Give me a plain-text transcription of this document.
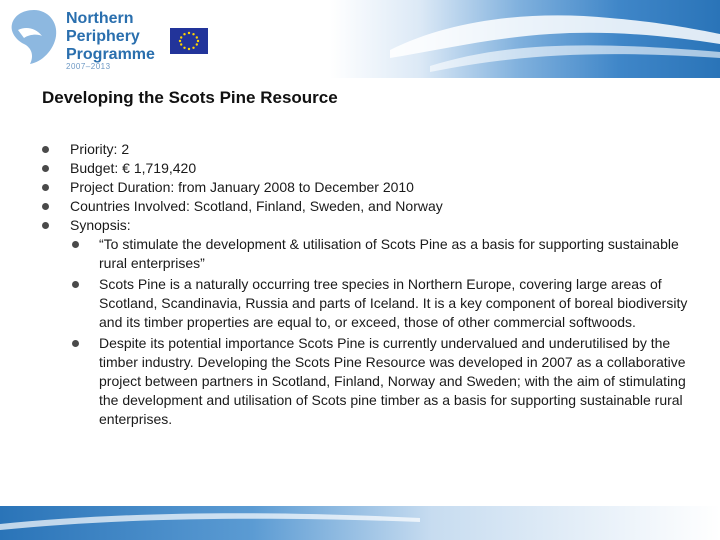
Northern
Periphery
Programme
2007–2013
Developing the Scots Pine Resource
Priority: 2
Budget: € 1,719,420
Project Duration: from January 2008 to December 2010
Countries Involved: Scotland, Finland, Sweden, and Norway
Synopsis:
“To stimulate the development & utilisation of Scots Pine as a basis for supporting sustainable rural enterprises”
Scots Pine is a naturally occurring tree species in Northern Europe, covering large areas of Scotland, Scandinavia, Russia and parts of Iceland. It is a key component of boreal biodiversity and its timber properties are equal to, or exceed, those of other commercial softwoods.
Despite its potential importance Scots Pine is currently undervalued and underutilised by the timber industry. Developing the Scots Pine Resource was developed in 2007 as a collaborative project between partners in Scotland, Finland, Norway and Sweden; with the aim of stimulating the development and utilisation of Scots pine timber as a basis for supporting sustainable rural enterprises.
